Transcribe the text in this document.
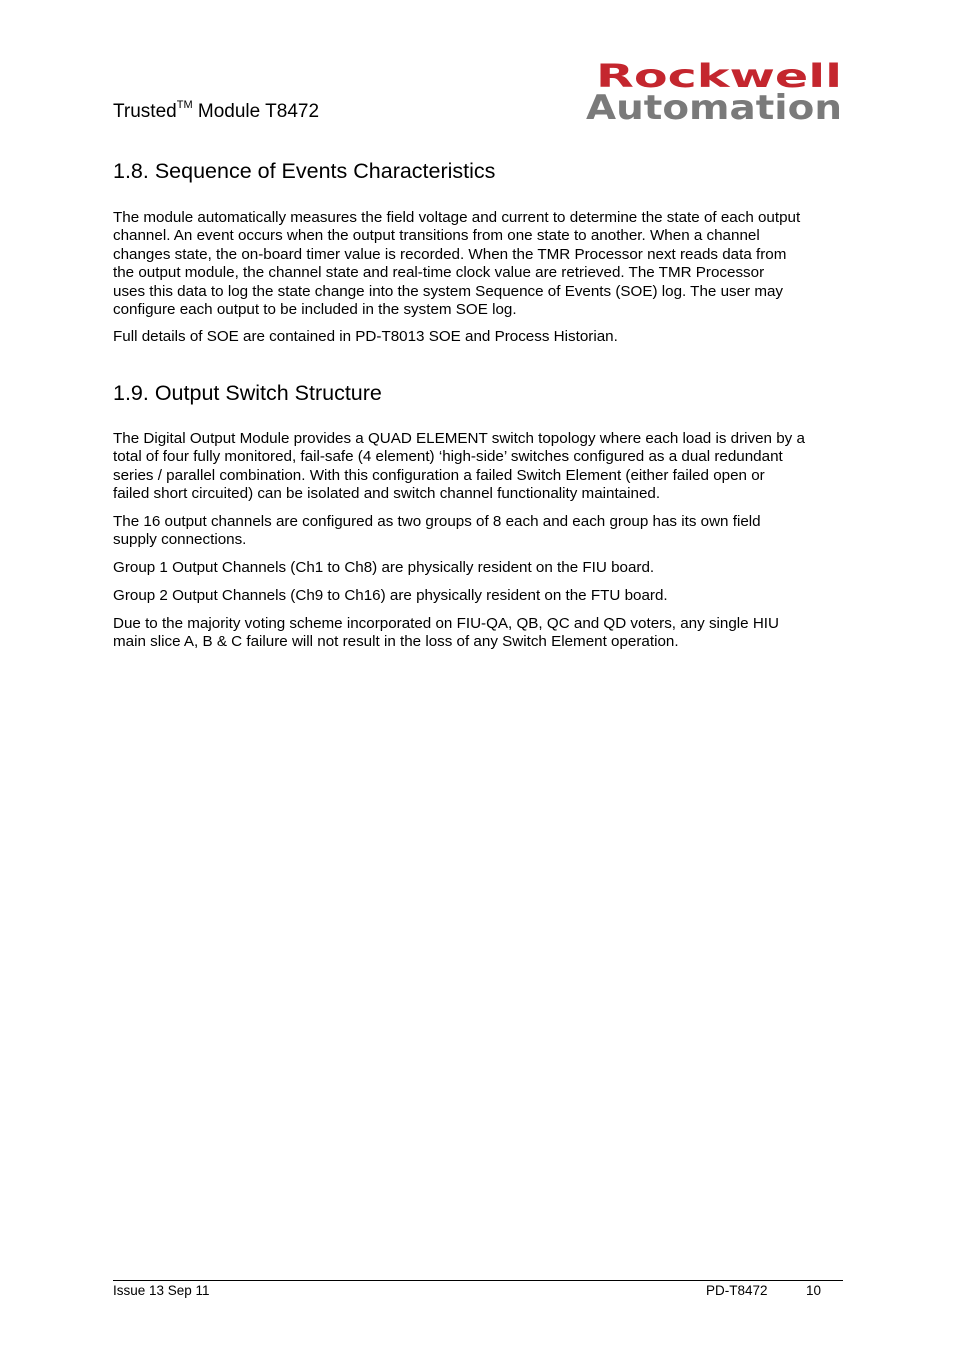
Trusted™ Module T8472
Rockwell
Automation
1.8. Sequence of Events Characteristics

The module automatically measures the field voltage and current to determine the state of each output
channel. An event occurs when the output transitions from one state to another. When a channel
changes state, the on-board timer value is recorded. When the TMR Processor next reads data from
the output module, the channel state and real-time clock value are retrieved. The TMR Processor
uses this data to log the state change into the system Sequence of Events (SOE) log. The user may
configure each output to be included in the system SOE log.

Full details of SOE are contained in PD-T8013 SOE and Process Historian.

1.9. Output Switch Structure

The Digital Output Module provides a QUAD ELEMENT switch topology where each load is driven by a
total of four fully monitored, fail-safe (4 element) ‘high-side’ switches configured as a dual redundant
series / parallel combination. With this configuration a failed Switch Element (either failed open or
failed short circuited) can be isolated and switch channel functionality maintained.

The 16 output channels are configured as two groups of 8 each and each group has its own field
supply connections.

Group 1 Output Channels (Ch1 to Ch8) are physically resident on the FIU board.

Group 2 Output Channels (Ch9 to Ch16) are physically resident on the FTU board.

Due to the majority voting scheme incorporated on FIU-QA, QB, QC and QD voters, any single HIU
main slice A, B & C failure will not result in the loss of any Switch Element operation.

Issue 13 Sep 11	PD-T8472	10
